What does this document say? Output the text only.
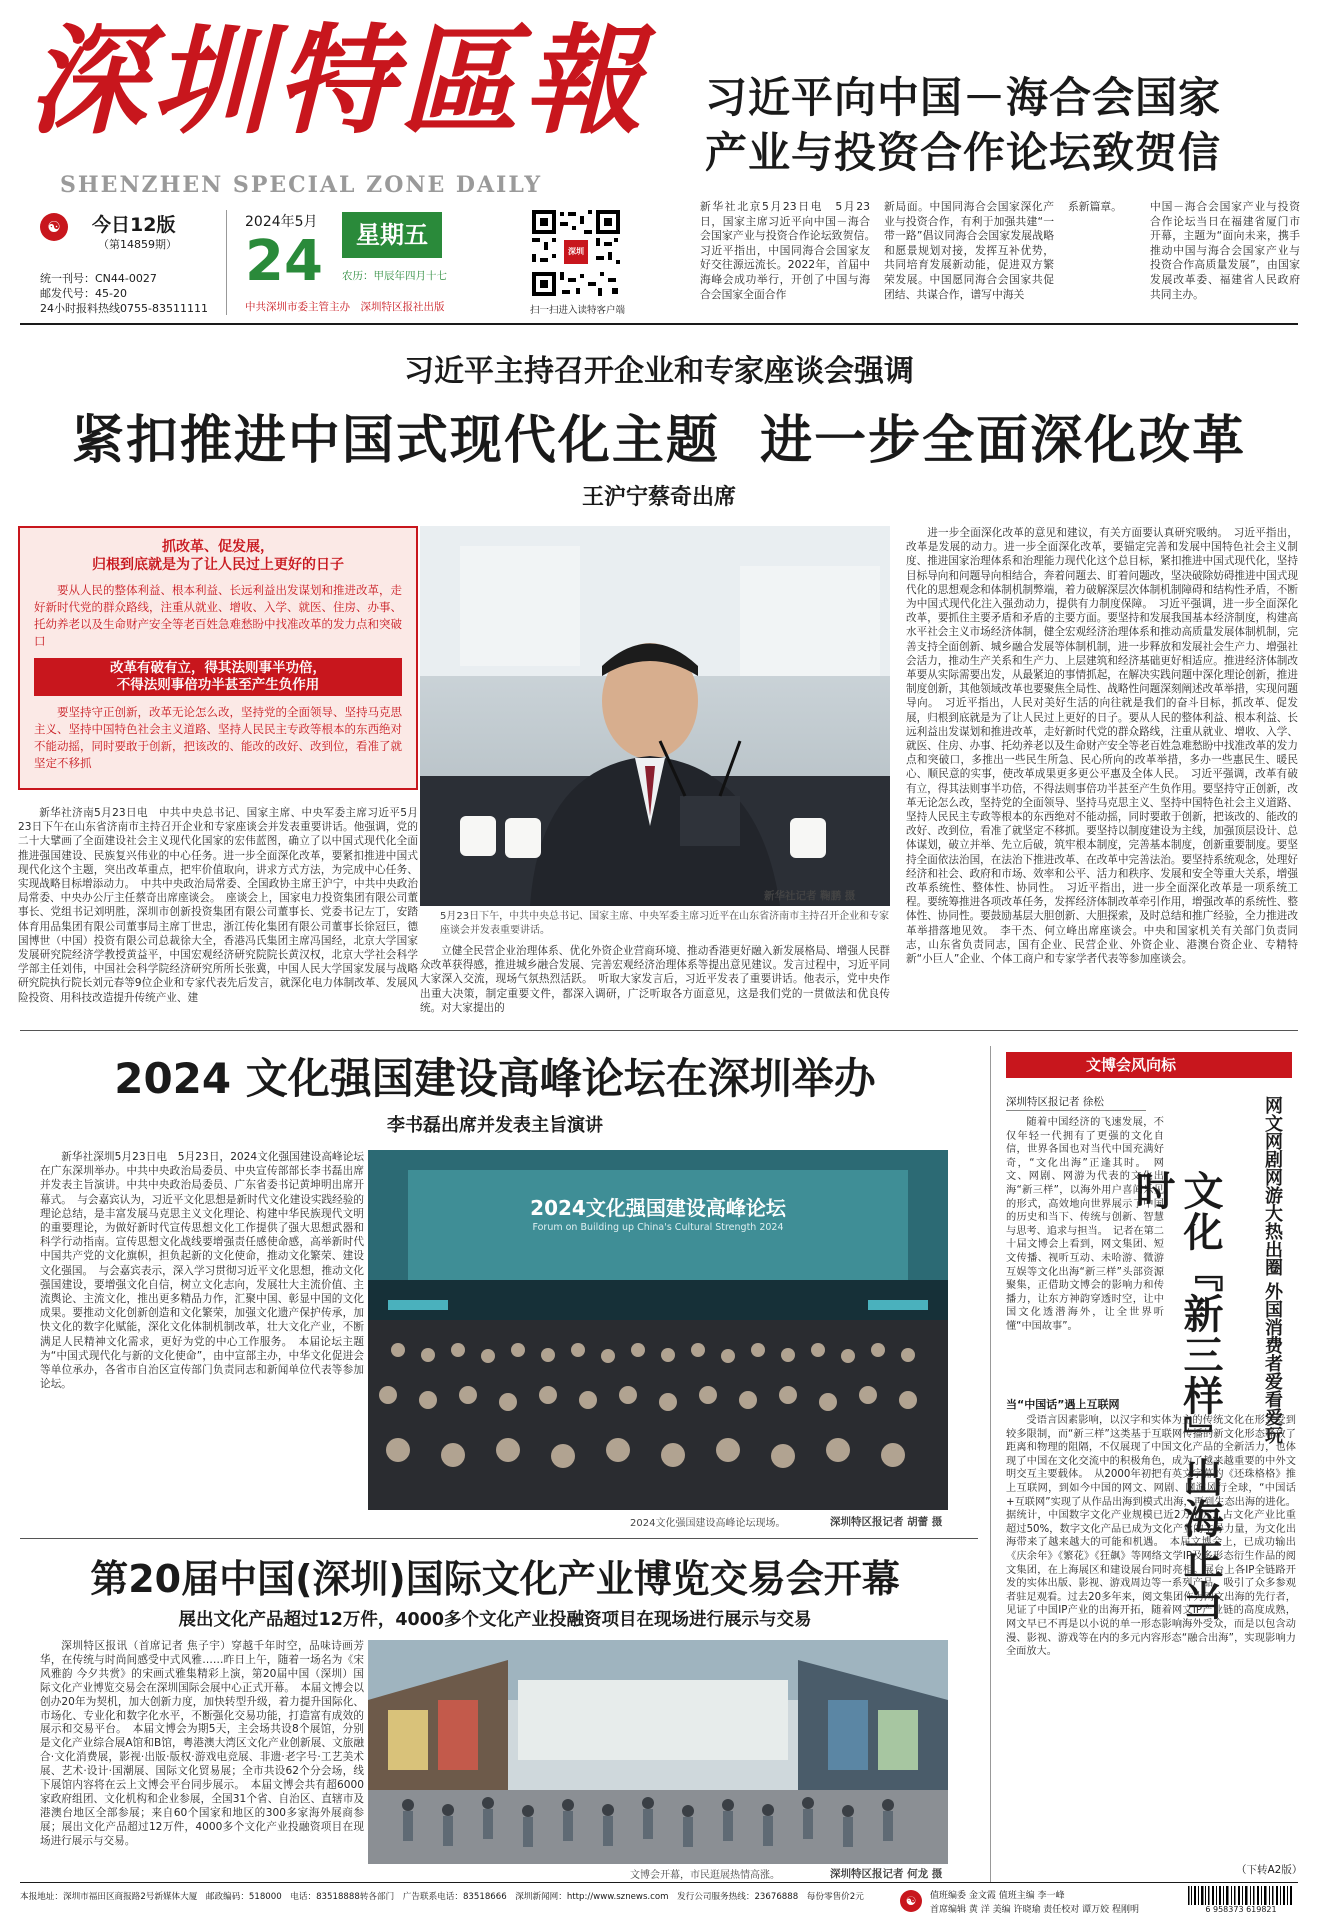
深圳特區報
SHENZHEN SPECIAL ZONE DAILY
习近平向中国－海合会国家
产业与投资合作论坛致贺信
☯	今日12版
（第14859期）
统一刊号：CN44-0027
邮发代号：45-20
24小时报料热线0755-83511111
2024年5月
24	星期五
农历：甲辰年四月十七
中共深圳市委主管主办　深圳特区报社出版
深圳
扫一扫进入读特客户端
新华社北京5月23日电　5月23日，国家主席习近平向中国－海合会国家产业与投资合作论坛致贺信。　习近平指出，中国同海合会国家友好交往源远流长。2022年，首届中海峰会成功举行，开创了中国与海合会国家全面合作
新局面。中国同海合会国家深化产业与投资合作，有利于加强共建“一带一路”倡议同海合会国家发展战略和愿景规划对接，发挥互补优势，共同培育发展新动能，促进双方繁荣发展。中国愿同海合会国家共促团结、共谋合作，谱写中海关
系新篇章。	中国－海合会国家产业与投资合作论坛当日在福建省厦门市开幕，主题为“面向未来，携手推动中国与海合会国家产业与投资合作高质量发展”，由国家发展改革委、福建省人民政府共同主办。
习近平主持召开企业和专家座谈会强调
紧扣推进中国式现代化主题  进一步全面深化改革
王沪宁蔡奇出席
抓改革、促发展，
归根到底就是为了让人民过上更好的日子
要从人民的整体利益、根本利益、长远利益出发谋划和推进改革，走好新时代党的群众路线，注重从就业、增收、入学、就医、住房、办事、托幼养老以及生命财产安全等老百姓急难愁盼中找准改革的发力点和突破口
改革有破有立，得其法则事半功倍，
不得法则事倍功半甚至产生负作用
要坚持守正创新，改革无论怎么改，坚持党的全面领导、坚持马克思主义、坚持中国特色社会主义道路、坚持人民民主专政等根本的东西绝对不能动摇，同时要敢于创新，把该改的、能改的改好、改到位，看准了就坚定不移抓
新华社济南5月23日电　中共中央总书记、国家主席、中央军委主席习近平5月23日下午在山东省济南市主持召开企业和专家座谈会并发表重要讲话。他强调，党的二十大擘画了全面建设社会主义现代化国家的宏伟蓝图，确立了以中国式现代化全面推进强国建设、民族复兴伟业的中心任务。进一步全面深化改革，要紧扣推进中国式现代化这个主题，突出改革重点，把牢价值取向，讲求方式方法，为完成中心任务、实现战略目标增添动力。　中共中央政治局常委、全国政协主席王沪宁，中共中央政治局常委、中央办公厅主任蔡奇出席座谈会。　座谈会上，国家电力投资集团有限公司董事长、党组书记刘明胜，深圳市创新投资集团有限公司董事长、党委书记左丁，安踏体育用品集团有限公司董事局主席丁世忠，浙江传化集团有限公司董事长徐冠巨，德国博世（中国）投资有限公司总裁徐大全，香港冯氏集团主席冯国经，北京大学国家发展研究院经济学教授黄益平，中国宏观经济研究院院长黄汉权，北京大学社会科学学部主任刘伟，中国社会科学院经济研究所所长张冀，中国人民大学国家发展与战略研究院执行院长刘元春等9位企业和专家代表先后发言，就深化电力体制改革、发展风险投资、用科技改造提升传统产业、建
5月23日下午，中共中央总书记、国家主席、中央军委主席习近平在山东省济南市主持召开企业和专家座谈会并发表重要讲话。
新华社记者 鞠鹏 摄
立健全民营企业治理体系、优化外资企业营商环境、推动香港更好融入新发展格局、增强人民群众改革获得感，推进城乡融合发展、完善宏观经济治理体系等提出意见建议。发言过程中，习近平同大家深入交流，现场气氛热烈活跃。　听取大家发言后，习近平发表了重要讲话。他表示，党中央作出重大决策，制定重要文件，都深入调研，广泛听取各方面意见，这是我们党的一贯做法和优良传统。对大家提出的
进一步全面深化改革的意见和建议，有关方面要认真研究吸纳。　习近平指出，改革是发展的动力。进一步全面深化改革，要锚定完善和发展中国特色社会主义制度、推进国家治理体系和治理能力现代化这个总目标，紧扣推进中国式现代化，坚持目标导向和问题导向相结合，奔着问题去、盯着问题改，坚决破除妨碍推进中国式现代化的思想观念和体制机制弊端，着力破解深层次体制机制障碍和结构性矛盾，不断为中国式现代化注入强劲动力，提供有力制度保障。　习近平强调，进一步全面深化改革，要抓住主要矛盾和矛盾的主要方面。要坚持和发展我国基本经济制度，构建高水平社会主义市场经济体制，健全宏观经济治理体系和推动高质量发展体制机制，完善支持全面创新、城乡融合发展等体制机制，进一步释放和发展社会生产力、增强社会活力，推动生产关系和生产力、上层建筑和经济基础更好相适应。推进经济体制改革要从实际需要出发，从最紧迫的事情抓起，在解决实践问题中深化理论创新，推进制度创新，其他领域改革也要聚焦全局性、战略性问题深刻阐述改革举措，实现问题导向。　习近平指出，人民对美好生活的向往就是我们的奋斗目标，抓改革、促发展，归根到底就是为了让人民过上更好的日子。要从人民的整体利益、根本利益、长远利益出发谋划和推进改革，走好新时代党的群众路线，注重从就业、增收、入学、就医、住房、办事、托幼养老以及生命财产安全等老百姓急难愁盼中找准改革的发力点和突破口，多推出一些民生所急、民心所向的改革举措，多办一些惠民生、暖民心、顺民意的实事，使改革成果更多更公平惠及全体人民。　习近平强调，改革有破有立，得其法则事半功倍，不得法则事倍功半甚至产生负作用。要坚持守正创新，改革无论怎么改，坚持党的全面领导、坚持马克思主义、坚持中国特色社会主义道路、坚持人民民主专政等根本的东西绝对不能动摇，同时要敢于创新，把该改的、能改的改好、改到位，看准了就坚定不移抓。要坚持以制度建设为主线，加强顶层设计、总体谋划，破立并举、先立后破，筑牢根本制度，完善基本制度，创新重要制度。要坚持全面依法治国，在法治下推进改革、在改革中完善法治。要坚持系统观念，处理好经济和社会、政府和市场、效率和公平、活力和秩序、发展和安全等重大关系，增强改革系统性、整体性、协同性。　习近平指出，进一步全面深化改革是一项系统工程。要统筹推进各项改革任务，发挥经济体制改革牵引作用，增强改革的系统性、整体性、协同性。要鼓励基层大胆创新、大胆探索，及时总结和推广经验，全力推进改革举措落地见效。　李干杰、何立峰出席座谈会。中央和国家机关有关部门负责同志，山东省负责同志，国有企业、民营企业、外资企业、港澳台资企业、专精特新“小巨人”企业、个体工商户和专家学者代表等参加座谈会。
2024 文化强国建设高峰论坛在深圳举办
李书磊出席并发表主旨演讲
新华社深圳5月23日电　5月23日，2024文化强国建设高峰论坛在广东深圳举办。中共中央政治局委员、中央宣传部部长李书磊出席并发表主旨演讲。中共中央政治局委员、广东省委书记黄坤明出席开幕式。　与会嘉宾认为，习近平文化思想是新时代文化建设实践经验的理论总结，是丰富发展马克思主义文化理论、构建中华民族现代文明的重要理论，为做好新时代宣传思想文化工作提供了强大思想武器和科学行动指南。宣传思想文化战线要增强责任感使命感，高举新时代中国共产党的文化旗帜，担负起新的文化使命，推动文化繁荣、建设文化强国。　与会嘉宾表示，深入学习贯彻习近平文化思想，推动文化强国建设，要增强文化自信，树立文化志向，发展壮大主流价值、主流舆论、主流文化，推出更多精品力作，汇聚中国、彰显中国的文化成果。要推动文化创新创造和文化繁荣，加强文化遗产保护传承，加快文化的数字化赋能，深化文化体制机制改革，壮大文化产业，不断满足人民精神文化需求，更好为党的中心工作服务。　本届论坛主题为“中国式现代化与新的文化使命”，由中宣部主办，中华文化促进会等单位承办，各省市自治区宣传部门负责同志和新闻单位代表等参加论坛。
2024文化强国建设高峰论坛
Forum on Building up China's Cultural Strength 2024
2024文化强国建设高峰论坛现场。	深圳特区报记者 胡蕾 摄
第20届中国(深圳)国际文化产业博览交易会开幕
展出文化产品超过12万件，4000多个文化产业投融资项目在现场进行展示与交易
深圳特区报讯（首席记者 焦子宇）穿越千年时空，品味诗画芳华，在传统与时尚间感受中式风雅……昨日上午，随着一场名为《宋风雅韵 今夕共赏》的宋画式雅集精彩上演，第20届中国（深圳）国际文化产业博览交易会在深圳国际会展中心正式开幕。　本届文博会以创办20年为契机，加大创新力度，加快转型升级，着力提升国际化、市场化、专业化和数字化水平，不断强化交易功能，打造富有成效的展示和交易平台。　本届文博会为期5天，主会场共设8个展馆，分别是文化产业综合展A馆和B馆，粤港澳大湾区文化产业创新展、文旅融合·文化消费展，影视·出版·版权·游戏电竞展、非遗·老字号·工艺美术展、艺术·设计·国潮展、国际文化贸易展；全市共设62个分会场，线下展馆内容将在云上文博会平台同步展示。　本届文博会共有超6000家政府组团、文化机构和企业参展，全国31个省、自治区、直辖市及港澳台地区全部参展；来自60个国家和地区的300多家海外展商参展；展出文化产品超过12万件，4000多个文化产业投融资项目在现场进行展示与交易。
文博会开幕，市民逛展热情高涨。	深圳特区报记者 何龙 摄
文博会风向标
深圳特区报记者 徐松
随着中国经济的飞速发展，不仅年轻一代拥有了更强的文化自信，世界各国也对当代中国充满好奇，“文化出海”正逢其时。　网文、网剧、网游为代表的文化出海“新三样”，以海外用户喜闻乐见的形式，高效地向世界展示了中国的历史和当下、传统与创新、智慧与思考、追求与担当。　记者在第二十届文博会上看到，网文集团、短文传播、视听互动、未哈游、微游互娱等文化出海“新三样”头部资源聚集，正借助文博会的影响力和传播力，让东方神韵穿透时空，让中国文化透潜海外，让全世界听懂“中国故事”。	网文网剧网游大热出圈 外国消费者爱看爱玩
文化『新三样』出海正当时
当“中国话”遇上互联网
受语言因素影响，以汉字和实体为主的传统文化在形式受到较多限制，而“新三样”这类基于互联网传播的新文化形态释放了距离和物理的阻隔，不仅展现了中国文化产品的全新活力，也体现了中国在文化交流中的积极角色，成为了越来越重要的中外文明交互主要载体。　从2000年初把有英文字幕的《还珠格格》推上互联网，到如今中国的网文、网剧、网游风行全球，“中国话+互联网”实现了从作品出海到模式出海，再到生态出海的进化。据统计，中国数字文化产业规模已近2万亿元，占文化产业比重超过50%，数字文化产品已成为文化产业的主导力量，为文化出海带来了越来越大的可能和机遇。　本届文博会上，已成功输出《庆余年》《繁花》《狂飙》等网络文学IP及多形态衍生作品的阅文集团，在上海展区和建设展台同时亮相。展台上各IP全链路开发的实体出版、影视、游戏周边等一系列产品，吸引了众多参观者驻足观看。过去20多年来，阅文集团作为网文出海的先行者，见证了中国IP产业的出海开拓，随着网文IP产业链的高度成熟，网文早已不再是以小说的单一形态影响海外受众，而是以包含动漫、影视、游戏等在内的多元内容形态“融合出海”，实现影响力全面放大。
（下转A2版）
本报地址：深圳市福田区商报路2号新媒体大厦　邮政编码：518000　电话：83518888转各部门　广告联系电话：83518666　深圳新闻网：http://www.sznews.com　发行公司服务热线：23676888　每份零售价2元	☯	值班编委 金文霞 值班主编 李一峰
首席编辑 黄 洋 美编 许晓瑜 责任校对 谭万姣 程刚明	6 958373 619821
